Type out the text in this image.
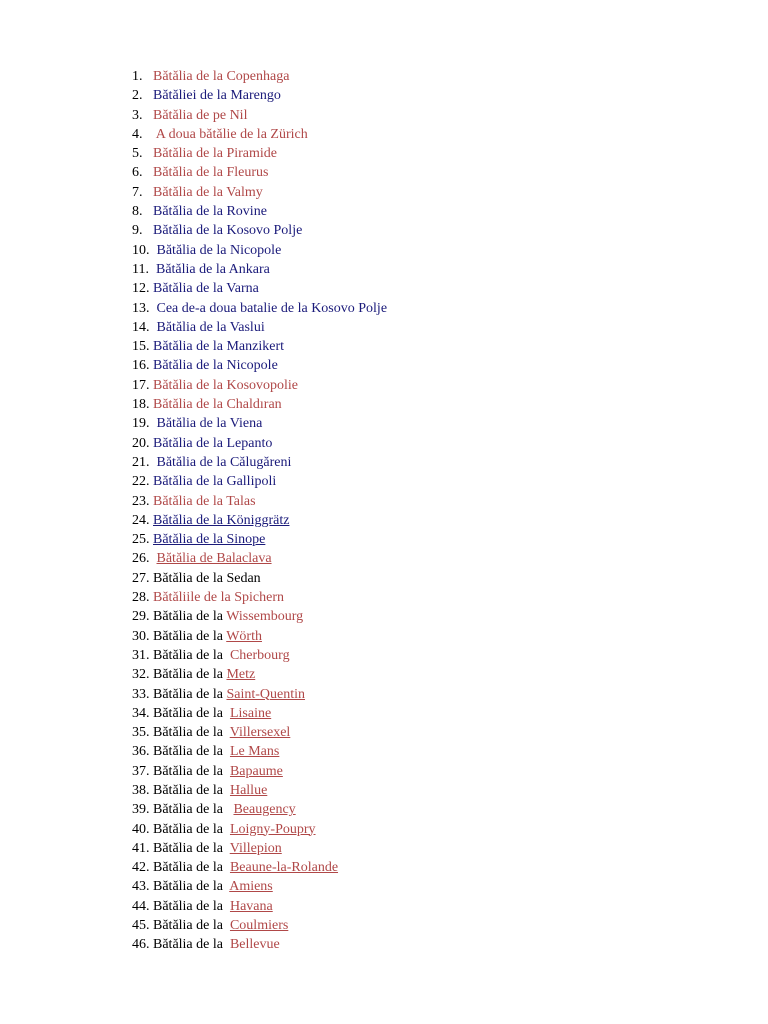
1. Bătălia de la Copenhaga
2. Bătăliei de la Marengo
3. Bătălia de pe Nil
4. A doua bătălie de la Zürich
5. Bătălia de la Piramide
6. Bătălia de la Fleurus
7. Bătălia de la Valmy
8. Bătălia de la Rovine
9. Bătălia de la Kosovo Polje
10. Bătălia de la Nicopole
11. Bătălia de la Ankara
12. Bătălia de la Varna
13. Cea de-a doua batalie de la Kosovo Polje
14. Bătălia de la Vaslui
15. Bătălia de la Manzikert
16. Bătălia de la Nicopole
17. Bătălia de la Kosovopolie
18. Bătălia de la Chaldıran
19. Bătălia de la Viena
20. Bătălia de la Lepanto
21. Bătălia de la Călugăreni
22. Bătălia de la Gallipoli
23. Bătălia de la Talas
24. Bătălia de la Königgrätz
25. Bătălia de la Sinope
26. Bătălia de Balaclava
27. Bătălia de la Sedan
28. Bătăliile de la Spichern
29. Bătălia de la Wissembourg
30. Bătălia de la Wörth
31. Bătălia de la  Cherbourg
32. Bătălia de la Metz
33. Bătălia de la Saint-Quentin
34. Bătălia de la  Lisaine
35. Bătălia de la  Villersexel
36. Bătălia de la  Le Mans
37. Bătălia de la  Bapaume
38. Bătălia de la  Hallue
39. Bătălia de la   Beaugency
40. Bătălia de la  Loigny-Poupry
41. Bătălia de la  Villepion
42. Bătălia de la  Beaune-la-Rolande
43. Bătălia de la  Amiens
44. Bătălia de la  Havana
45. Bătălia de la  Coulmiers
46. Bătălia de la  Bellevue
